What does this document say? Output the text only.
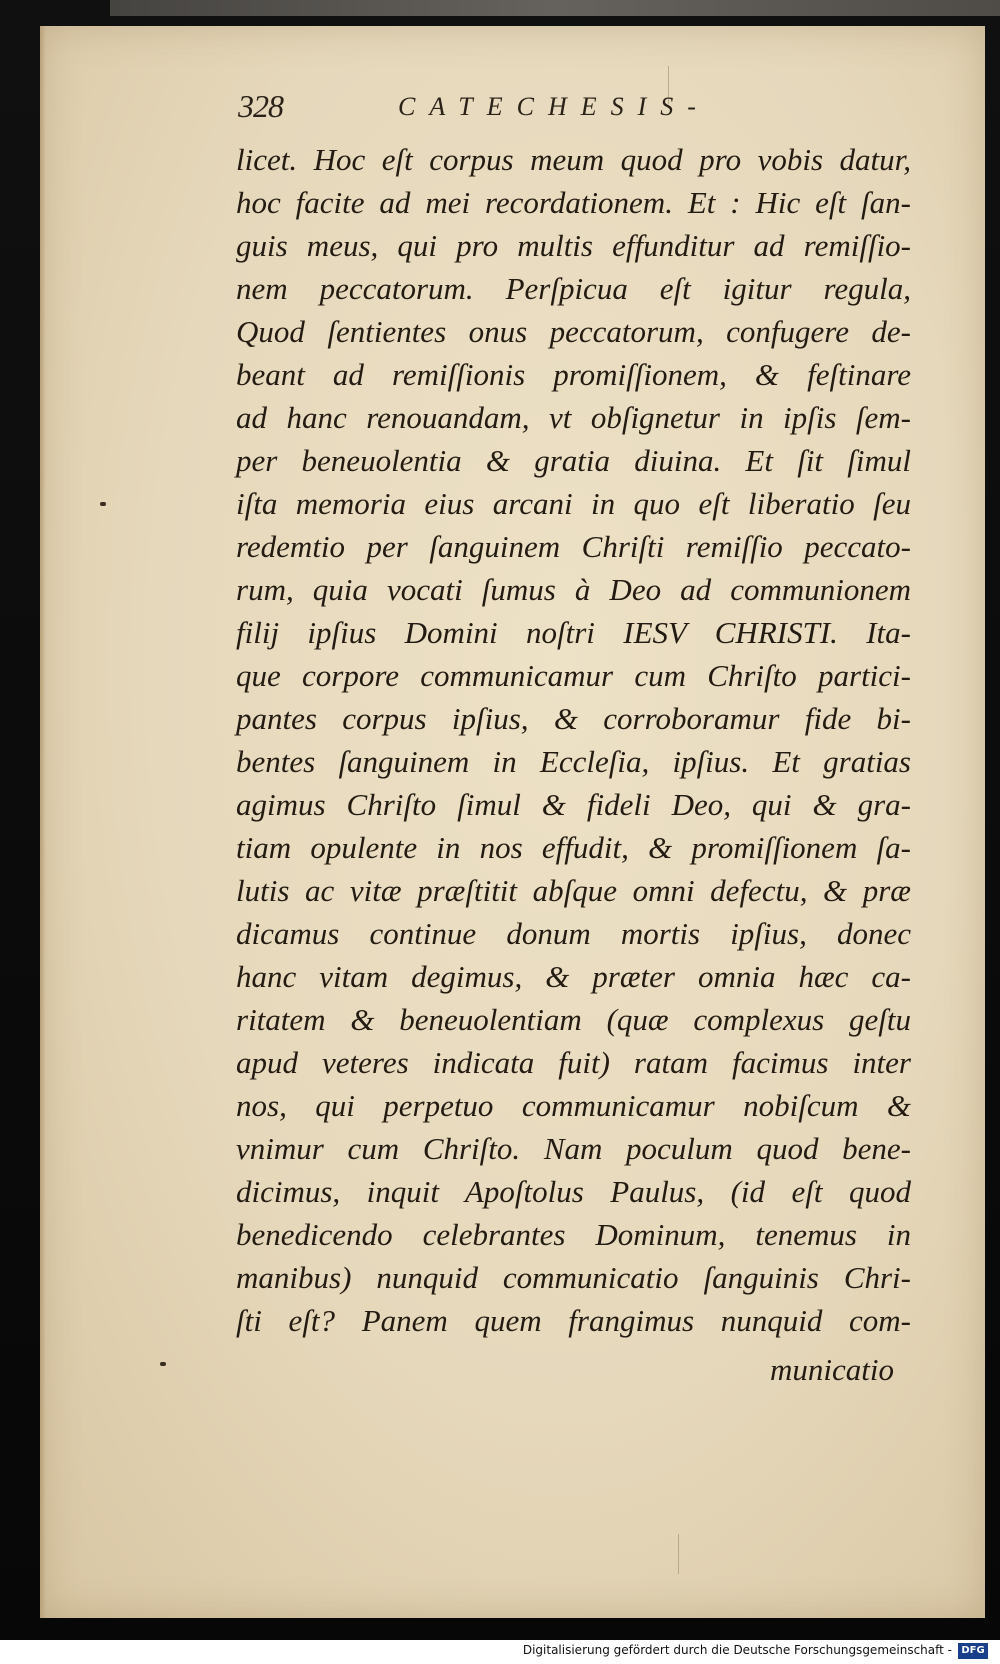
328	CATECHESIS-
licet. Hoc eſt corpus meum quod pro vobis datur,
hoc facite ad mei recordationem. Et : Hic eſt ſan-
guis meus, qui pro multis effunditur ad remiſſio-
nem peccatorum. Perſpicua eſt igitur regula,
Quod ſentientes onus peccatorum, confugere de-
beant ad remiſſionis promiſſionem, & feſtinare
ad hanc renouandam, vt obſignetur in ipſis ſem-
per beneuolentia & gratia diuina. Et ſit ſimul
iſta memoria eius arcani in quo eſt liberatio ſeu
redemtio per ſanguinem Chriſti remiſſio peccato-
rum, quia vocati ſumus à Deo ad communionem
filij ipſius Domini noſtri IESV CHRISTI. Ita-
que corpore communicamur cum Chriſto partici-
pantes corpus ipſius, & corroboramur fide bi-
bentes ſanguinem in Eccleſia, ipſius. Et gratias
agimus Chriſto ſimul & fideli Deo, qui & gra-
tiam opulente in nos effudit, & promiſſionem ſa-
lutis ac vitæ præſtitit abſque omni defectu, & præ
dicamus continue donum mortis ipſius, donec
hanc vitam degimus, & præter omnia hæc ca-
ritatem & beneuolentiam (quæ complexus geſtu
apud veteres indicata fuit) ratam facimus inter
nos, qui perpetuo communicamur nobiſcum &
vnimur cum Chriſto. Nam poculum quod bene-
dicimus, inquit Apoſtolus Paulus, (id eſt quod
benedicendo celebrantes Dominum, tenemus in
manibus) nunquid communicatio ſanguinis Chri-
ſti eſt? Panem quem frangimus nunquid com-
municatio
Digitalisierung gefördert durch die Deutsche Forschungsgemeinschaft - DFG
